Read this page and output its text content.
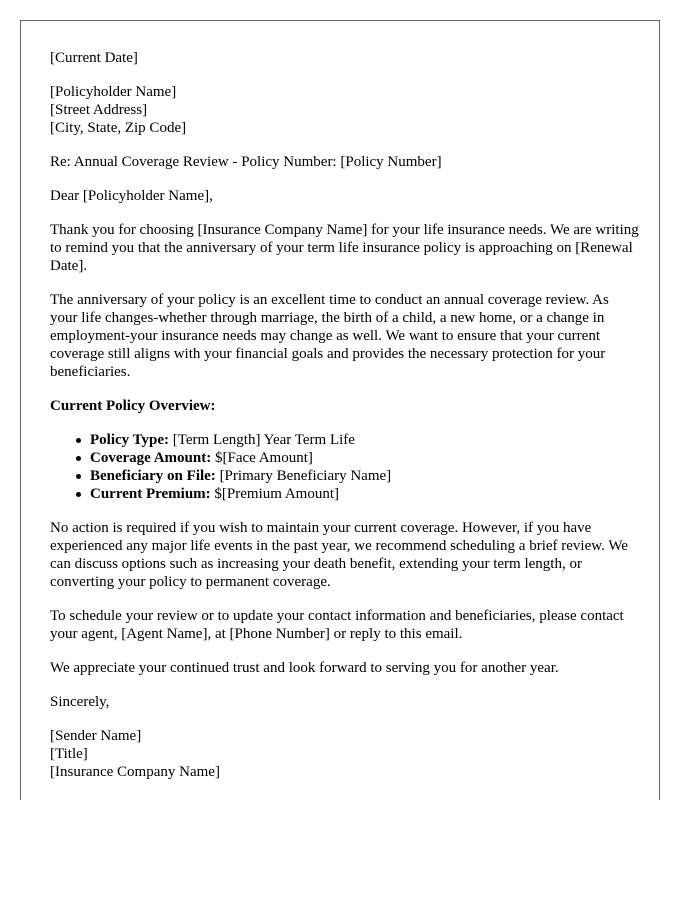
[Current Date]
[Policyholder Name]
[Street Address]
[City, State, Zip Code]
Re: Annual Coverage Review - Policy Number: [Policy Number]
Dear [Policyholder Name],
Thank you for choosing [Insurance Company Name] for your life insurance needs. We are writing to remind you that the anniversary of your term life insurance policy is approaching on [Renewal Date].
The anniversary of your policy is an excellent time to conduct an annual coverage review. As your life changes-whether through marriage, the birth of a child, a new home, or a change in employment-your insurance needs may change as well. We want to ensure that your current coverage still aligns with your financial goals and provides the necessary protection for your beneficiaries.
Current Policy Overview:
Policy Type: [Term Length] Year Term Life
Coverage Amount: $[Face Amount]
Beneficiary on File: [Primary Beneficiary Name]
Current Premium: $[Premium Amount]
No action is required if you wish to maintain your current coverage. However, if you have experienced any major life events in the past year, we recommend scheduling a brief review. We can discuss options such as increasing your death benefit, extending your term length, or converting your policy to permanent coverage.
To schedule your review or to update your contact information and beneficiaries, please contact your agent, [Agent Name], at [Phone Number] or reply to this email.
We appreciate your continued trust and look forward to serving you for another year.
Sincerely,
[Sender Name]
[Title]
[Insurance Company Name]
